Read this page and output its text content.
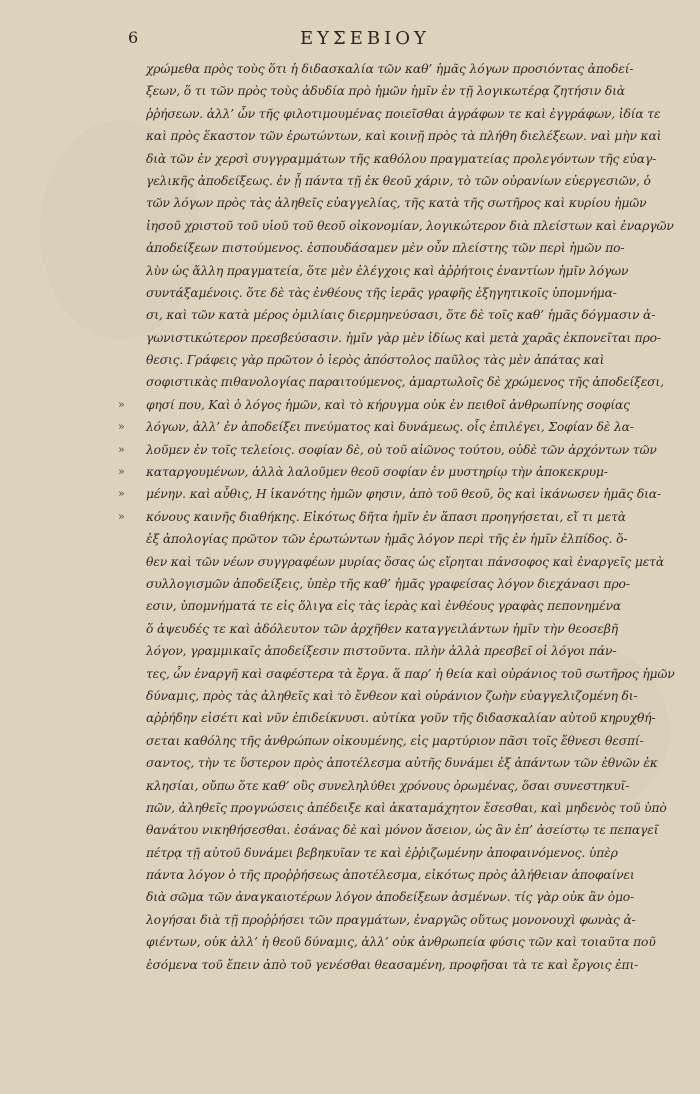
6	ΕΥΣΕΒΙΟΥ
χρώμεθα πρὸς τοὺς ὅτι ἡ διδασκαλία τῶν καθ’ ἡμᾶς λόγων προσιόντας ἀποδεί-
ξεων, ὅ τι τῶν πρὸς τοὺς ἀδυδία πρὸ ἡμῶν ἡμῖν ἐν τῇ λογικωτέρᾳ ζητήσιν διὰ
ῤῥήσεων. ἀλλ’ ὧν τῆς φιλοτιμουμένας ποιεῖσθαι ἀγράφων τε καὶ ἐγγράφων, ἰδία τε
καὶ πρὸς ἕκαστον τῶν ἐρωτώντων, καὶ κοινῇ πρὸς τὰ πλήθη διελέξεων. ναὶ μὴν καὶ
διὰ τῶν ἐν χερσὶ συγγραμμάτων τῆς καθόλου πραγματείας προλεγόντων τῆς εὐαγ-
γελικῆς ἀποδείξεως. ἐν ᾗ πάντα τῇ ἐκ θεοῦ χάριν, τὸ τῶν οὐρανίων εὐεργεσιῶν, ὁ
τῶν λόγων πρὸς τὰς ἀληθεῖς εὐαγγελίας, τῆς κατὰ τῆς σωτῆρος καὶ κυρίου ἡμῶν
ἰησοῦ χριστοῦ τοῦ υἱοῦ τοῦ θεοῦ οἰκονομίαν, λογικώτερον διὰ πλείστων καὶ ἐναργῶν
ἀποδείξεων πιστούμενος. ἐσπουδάσαμεν μὲν οὖν πλείστης τῶν περὶ ἡμῶν πο-
λὺν ὡς ἄλλη πραγματεία, ὅτε μὲν ἐλέγχοις καὶ ἀῤῥήτοις ἐναντίων ἡμῖν λόγων
συντάξαμένοις. ὅτε δὲ τὰς ἐνθέους τῆς ἱερᾶς γραφῆς ἐξηγητικοῖς ὑπομνήμα-
σι, καὶ τῶν κατὰ μέρος ὁμιλίαις διερμηνεύσασι, ὅτε δὲ τοῖς καθ’ ἡμᾶς δόγμασιν ἀ-
γωνιστικώτερον πρεσβεύσασιν. ἡμῖν γὰρ μὲν ἰδίως καὶ μετὰ χαρᾶς ἐκπονεῖται προ-
θεσις. Γράφεις γὰρ πρῶτον ὁ ἱερὸς ἀπόστολος παῦλος τὰς μὲν ἀπάτας καὶ
σοφιστικὰς πιθανολογίας παραιτούμενος, ἀμαρτωλοῖς δὲ χρώμενος τῆς ἀποδείξεσι,
» φησί που, Καὶ ὁ λόγος ἡμῶν, καὶ τὸ κήρυγμα οὐκ ἐν πειθοῖ ἀνθρωπίνης σοφίας
» λόγων, ἀλλ’ ἐν ἀποδείξει πνεύματος καὶ δυνάμεως. οἷς ἐπιλέγει, Σοφίαν δὲ λα-
» λοῦμεν ἐν τοῖς τελείοις. σοφίαν δὲ, οὐ τοῦ αἰῶνος τούτου, οὐδὲ τῶν ἀρχόντων τῶν
» καταργουμένων, ἀλλὰ λαλοῦμεν θεοῦ σοφίαν ἐν μυστηρίῳ τὴν ἀποκεκρυμ-
» μένην. καὶ αὖθις, Η ἱκανότης ἡμῶν φησιν, ἀπὸ τοῦ θεοῦ, ὃς καὶ ἱκάνωσεν ἡμᾶς δια-
» κόνους καινῆς διαθήκης. Εἰκότως δῆτα ἡμῖν ἐν ἅπασι προηγήσεται, εἴ τι μετὰ
ἐξ ἀπολογίας πρῶτον τῶν ἐρωτώντων ἡμᾶς λόγον περὶ τῆς ἐν ἡμῖν ἐλπίδος. ὅ-
θεν καὶ τῶν νέων συγγραφέων μυρίας ὅσας ὡς εἴρηται πάνσοφος καὶ ἐναργεῖς μετὰ
συλλογισμῶν ἀποδείξεις, ὑπὲρ τῆς καθ’ ἡμᾶς γραφείσας λόγον διεχάνασι προ-
εσιν, ὑπομνήματά τε εἰς ὄλιγα εἰς τὰς ἱερὰς καὶ ἐνθέους γραφὰς πεπονημένα
ὅ ἀψευδές τε καὶ ἀδόλευτον τῶν ἀρχῆθεν καταγγειλάντων ἡμῖν τὴν θεοσεβῆ
λόγον, γραμμικαῖς ἀποδείξεσιν πιστοῦντα. πλὴν ἀλλὰ πρεσβεῖ οἱ λόγοι πάν-
τες, ὧν ἐναργῆ καὶ σαφέστερα τὰ ἔργα. ἅ παρ’ ἡ θεία καὶ οὐράνιος τοῦ σωτῆρος ἡμῶν
δύναμις, πρὸς τὰς ἀληθεῖς καὶ τὸ ἔνθεον καὶ οὐράνιον ζωὴν εὐαγγελιζομένη δι-
αῤῥήδην εἰσέτι καὶ νῦν ἐπιδείκνυσι. αὐτίκα γοῦν τῆς διδασκαλίαν αὐτοῦ κηρυχθή-
σεται καθόλης τῆς ἀνθρώπων οἰκουμένης, εἰς μαρτύριον πᾶσι τοῖς ἔθνεσι θεσπί-
σαντος, τὴν τε ὕστερον πρὸς ἀποτέλεσμα αὐτῆς δυνάμει ἐξ ἁπάντων τῶν ἐθνῶν ἐκ
κλησίαι, οὔπω ὅτε καθ’ οὓς συνεληλύθει χρόνους ὁρωμένας, ὅσαι συνεστηκυῖ-
πῶν, ἀληθεῖς προγνώσεις ἀπέδειξε καὶ ἀκαταμάχητον ἔσεσθαι, καὶ μηδενὸς τοῦ ὑπὸ
θανάτου νικηθήσεσθαι. ἐσάνας δὲ καὶ μόνον ἄσειον, ὡς ἂν ἐπ’ ἀσείστῳ τε πεπαγεῖ
πέτρᾳ τῇ αὐτοῦ δυνάμει βεβηκυῖαν τε καὶ ἐῤῥιζωμένην ἀποφαινόμενος. ὑπὲρ
πάντα λόγον ὁ τῆς προῤῥήσεως ἀποτέλεσμα, εἰκότως πρὸς ἀλήθειαν ἀποφαίνει
διὰ σῶμα τῶν ἀναγκαιοτέρων λόγον ἀποδείξεων ἀσμένων. τίς γὰρ οὐκ ἂν ὁμο-
λογήσαι διὰ τῇ προῤῥήσει τῶν πραγμάτων, ἐναργῶς οὕτως μονονουχὶ φωνὰς ἀ-
φιέντων, οὐκ ἀλλ’ ἡ θεοῦ δύναμις, ἀλλ’ οὐκ ἀνθρωπεία φύσις τῶν καὶ τοιαῦτα ποῦ
ἐσόμενα τοῦ ἔπειν ἀπὸ τοῦ γενέσθαι θεασαμένη, προφῆσαι τὰ τε καὶ ἔργοις ἐπι-
